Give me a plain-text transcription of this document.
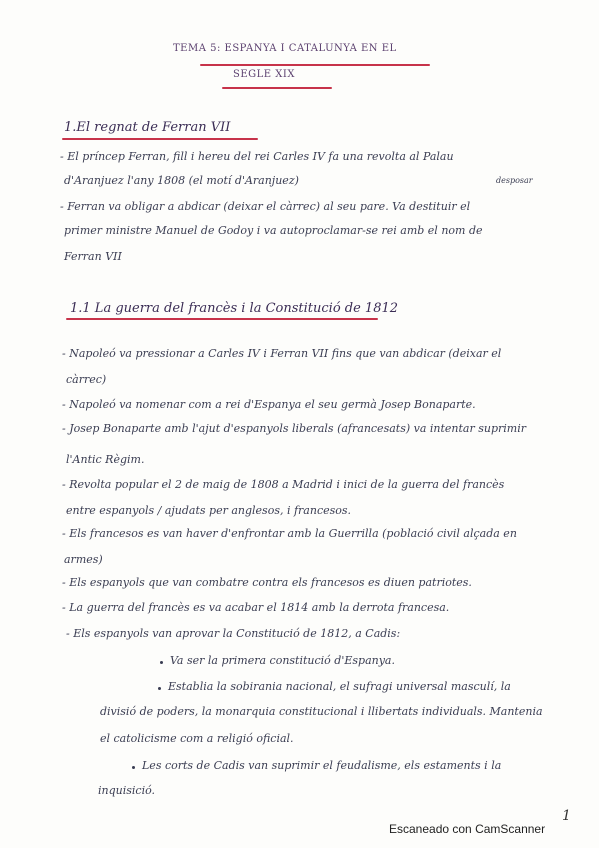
TEMA 5: ESPANYA I CATALUNYA EN EL
SEGLE XIX
1.El regnat de Ferran VII
desposar
- El príncep Ferran, fill i hereu del rei Carles IV fa una revolta al Palau
d'Aranjuez l'any 1808 (el motí d'Aranjuez)
- Ferran va obligar a abdicar (deixar el càrrec) al seu pare. Va destituir el
primer ministre Manuel de Godoy i va autoproclamar-se rei amb el nom de
Ferran VII
1.1 La guerra del francès i la Constitució de 1812
- Napoleó va pressionar a Carles IV i Ferran VII fins que van abdicar (deixar el
càrrec)
- Napoleó va nomenar com a rei d'Espanya el seu germà Josep Bonaparte.
- Josep Bonaparte amb l'ajut d'espanyols liberals (afrancesats) va intentar suprimir
l'Antic Règim.
- Revolta popular el 2 de maig de 1808 a Madrid i inici de la guerra del francès
entre espanyols / ajudats per anglesos, i francesos.
- Els francesos es van haver d'enfrontar amb la Guerrilla (població civil alçada en
armes)
- Els espanyols que van combatre contra els francesos es diuen patriotes.
- La guerra del francès es va acabar el 1814 amb la derrota francesa.
- Els espanyols van aprovar la Constitució de 1812, a Cadis:
Va ser la primera constitució d'Espanya.
Establia la sobirania nacional, el sufragi universal masculí, la
divisió de poders, la monarquia constitucional i llibertats individuals. Mantenia
el catolicisme com a religió oficial.
Les corts de Cadis van suprimir el feudalisme, els estaments i la
inquisició.
1
Escaneado con CamScanner
